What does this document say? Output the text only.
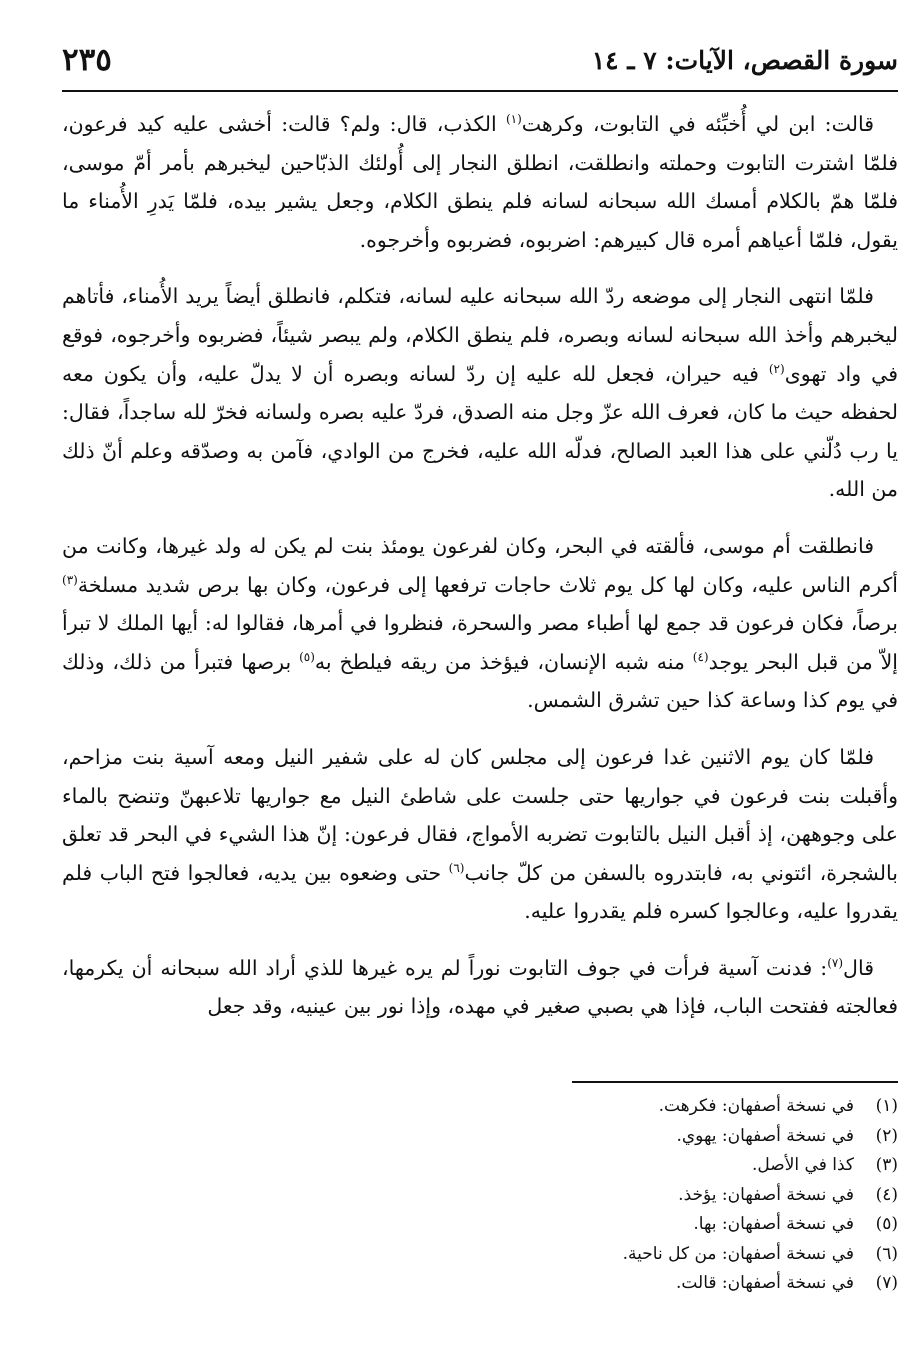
سورة القصص، الآيات: ٧ ـ ١٤
٢٣٥

قالت: ابن لي أُخبِّئه في التابوت، وكرهت$^{(١)}$ الكذب، قال: ولم؟ قالت: أخشى عليه كيد فرعون، فلمّا اشترت التابوت وحملته وانطلقت، انطلق النجار إلى أُولئك الذبّاحين ليخبرهم بأمر أمّ موسى، فلمّا همّ بالكلام أمسك الله سبحانه لسانه فلم ينطق الكلام، وجعل يشير بيده، فلمّا يَدرِ الأُمناء ما يقول، فلمّا أعياهم أمره قال كبيرهم: اضربوه، فضربوه وأخرجوه.

فلمّا انتهى النجار إلى موضعه ردّ الله سبحانه عليه لسانه، فتكلم، فانطلق أيضاً يريد الأُمناء، فأتاهم ليخبرهم وأخذ الله سبحانه لسانه وبصره، فلم ينطق الكلام، ولم يبصر شيئاً، فضربوه وأخرجوه، فوقع في واد تهوى$^{(٢)}$ فيه حيران، فجعل لله عليه إن ردّ لسانه وبصره أن لا يدلّ عليه، وأن يكون معه لحفظه حيث ما كان، فعرف الله عزّ وجل منه الصدق، فردّ عليه بصره ولسانه فخرّ لله ساجداً، فقال: يا رب دُلّني على هذا العبد الصالح، فدلّه الله عليه، فخرج من الوادي، فآمن به وصدّقه وعلم أنّ ذلك من الله.

فانطلقت أم موسى، فألقته في البحر، وكان لفرعون يومئذ بنت لم يكن له ولد غيرها، وكانت من أكرم الناس عليه، وكان لها كل يوم ثلاث حاجات ترفعها إلى فرعون، وكان بها برص شديد مسلخة$^{(٣)}$ برصاً، فكان فرعون قد جمع لها أطباء مصر والسحرة، فنظروا في أمرها، فقالوا له: أيها الملك لا تبرأ إلاّ من قبل البحر يوجد$^{(٤)}$ منه شبه الإنسان، فيؤخذ من ريقه فيلطخ به$^{(٥)}$ برصها فتبرأ من ذلك، وذلك في يوم كذا وساعة كذا حين تشرق الشمس.

فلمّا كان يوم الاثنين غدا فرعون إلى مجلس كان له على شفير النيل ومعه آسية بنت مزاحم، وأقبلت بنت فرعون في جواريها حتى جلست على شاطئ النيل مع جواريها تلاعبهنّ وتنضح بالماء على وجوههن، إذ أقبل النيل بالتابوت تضربه الأمواج، فقال فرعون: إنّ هذا الشيء في البحر قد تعلق بالشجرة، ائتوني به، فابتدروه بالسفن من كلّ جانب$^{(٦)}$ حتى وضعوه بين يديه، فعالجوا فتح الباب فلم يقدروا عليه، وعالجوا كسره فلم يقدروا عليه.

قال$^{(٧)}$: فدنت آسية فرأت في جوف التابوت نوراً لم يره غيرها للذي أراد الله سبحانه أن يكرمها، فعالجته ففتحت الباب، فإذا هي بصبي صغير في مهده، وإذا نور بين عينيه، وقد جعل

(١)في نسخة أصفهان: فكرهت.
(٢)في نسخة أصفهان: يهوي.
(٣)كذا في الأصل.
(٤)في نسخة أصفهان: يؤخذ.
(٥)في نسخة أصفهان: بها.
(٦)في نسخة أصفهان: من كل ناحية.
(٧)في نسخة أصفهان: قالت.
